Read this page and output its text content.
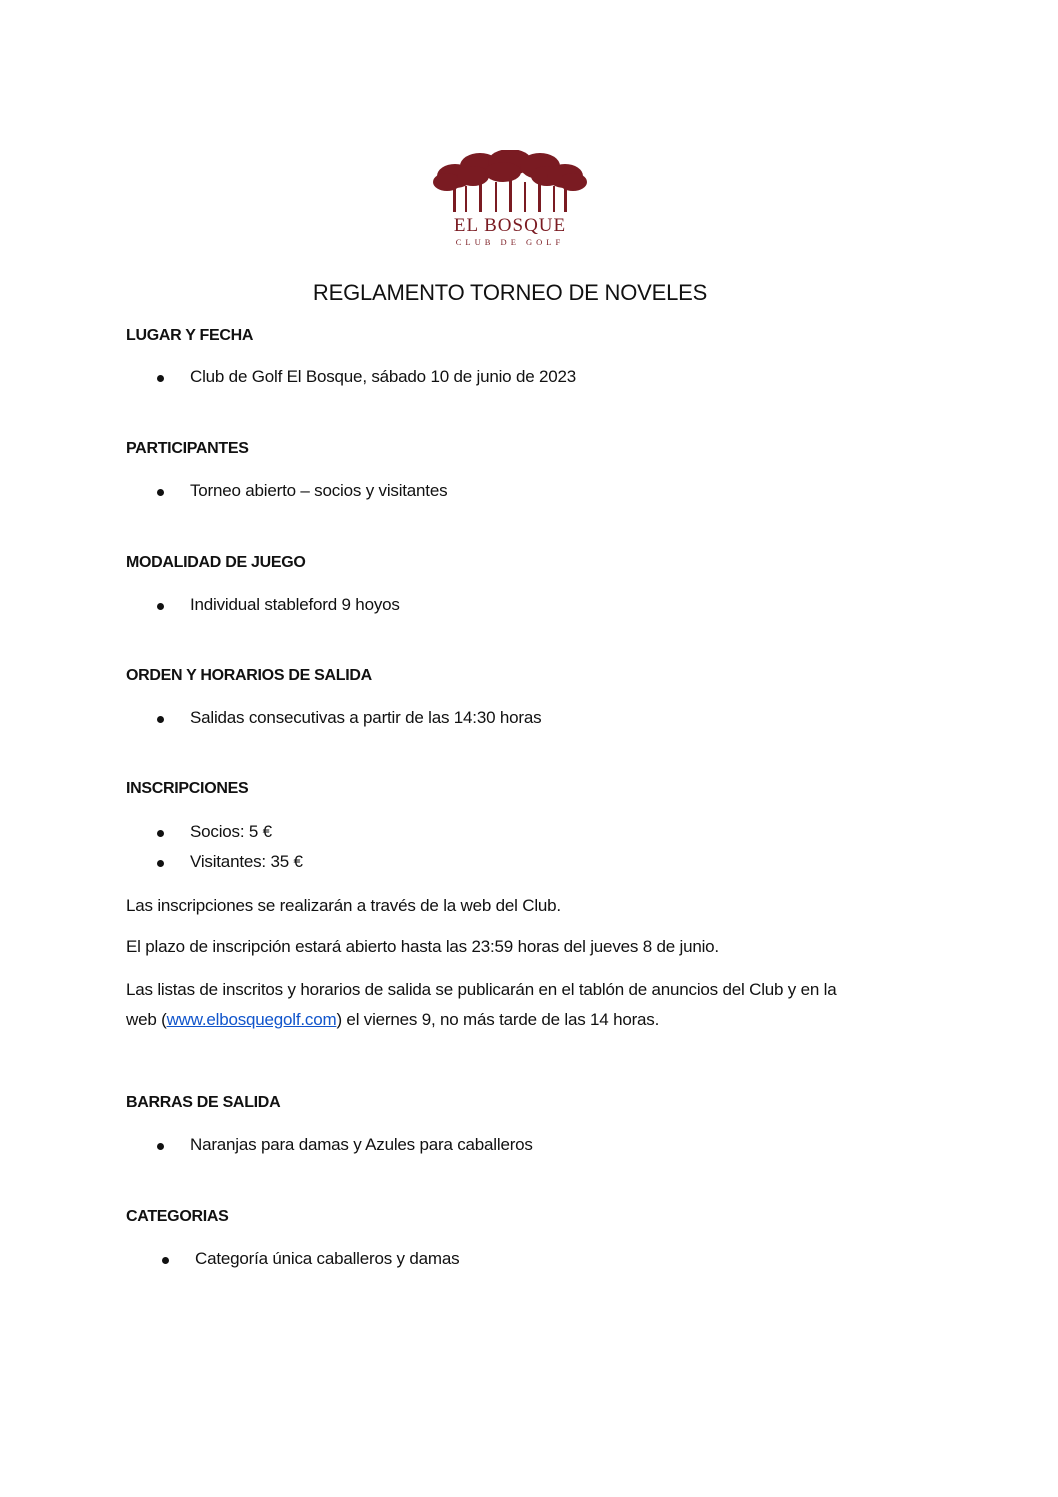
EL BOSQUE
CLUB DE GOLF
REGLAMENTO TORNEO DE NOVELES
LUGAR Y FECHA
Club de Golf El Bosque, sábado 10 de junio de 2023
PARTICIPANTES
Torneo abierto – socios y visitantes
MODALIDAD DE JUEGO
Individual stableford 9 hoyos
ORDEN Y HORARIOS DE SALIDA
Salidas consecutivas a partir de las 14:30 horas
INSCRIPCIONES
Socios: 5 €
Visitantes: 35 €
Las inscripciones se realizarán a través de la web del Club.
El plazo de inscripción estará abierto hasta las 23:59 horas del jueves 8 de junio.
Las listas de inscritos y horarios de salida se publicarán en el tablón de anuncios del Club y en la
web (www.elbosquegolf.com) el viernes 9, no más tarde de las 14 horas.
BARRAS DE SALIDA
Naranjas para damas y Azules para caballeros
CATEGORIAS
Categoría única caballeros y damas
